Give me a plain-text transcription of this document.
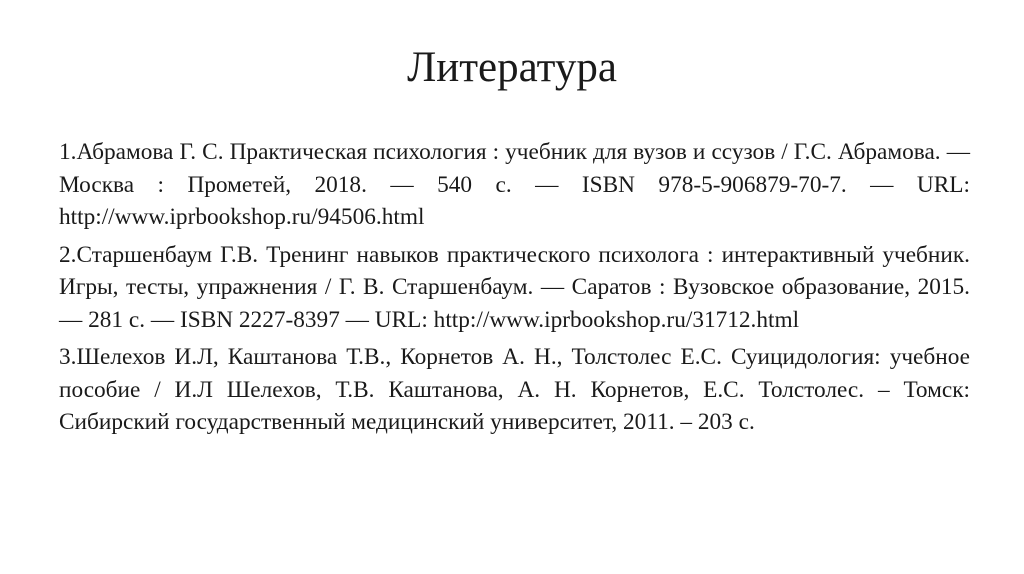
Литература
1.Абрамова Г. С. Практическая психология : учебник для вузов и ссузов / Г.С. Абрамова. — Москва : Прометей, 2018. — 540 с. — ISBN 978-5-906879-70-7. — URL: http://www.iprbookshop.ru/94506.html
2.Старшенбаум Г.В. Тренинг навыков практического психолога : интерактивный учебник. Игры, тесты, упражнения / Г. В. Старшенбаум. — Саратов : Вузовское образование, 2015. — 281 с. — ISBN 2227-8397 — URL: http://www.iprbookshop.ru/31712.html
3.Шелехов И.Л, Каштанова Т.В., Корнетов А. Н., Толстолес Е.С. Суицидология: учебное пособие / И.Л Шелехов, Т.В. Каштанова, А. Н. Корнетов, Е.С. Толстолес. – Томск: Сибирский государственный медицинский университет, 2011. – 203 с.
